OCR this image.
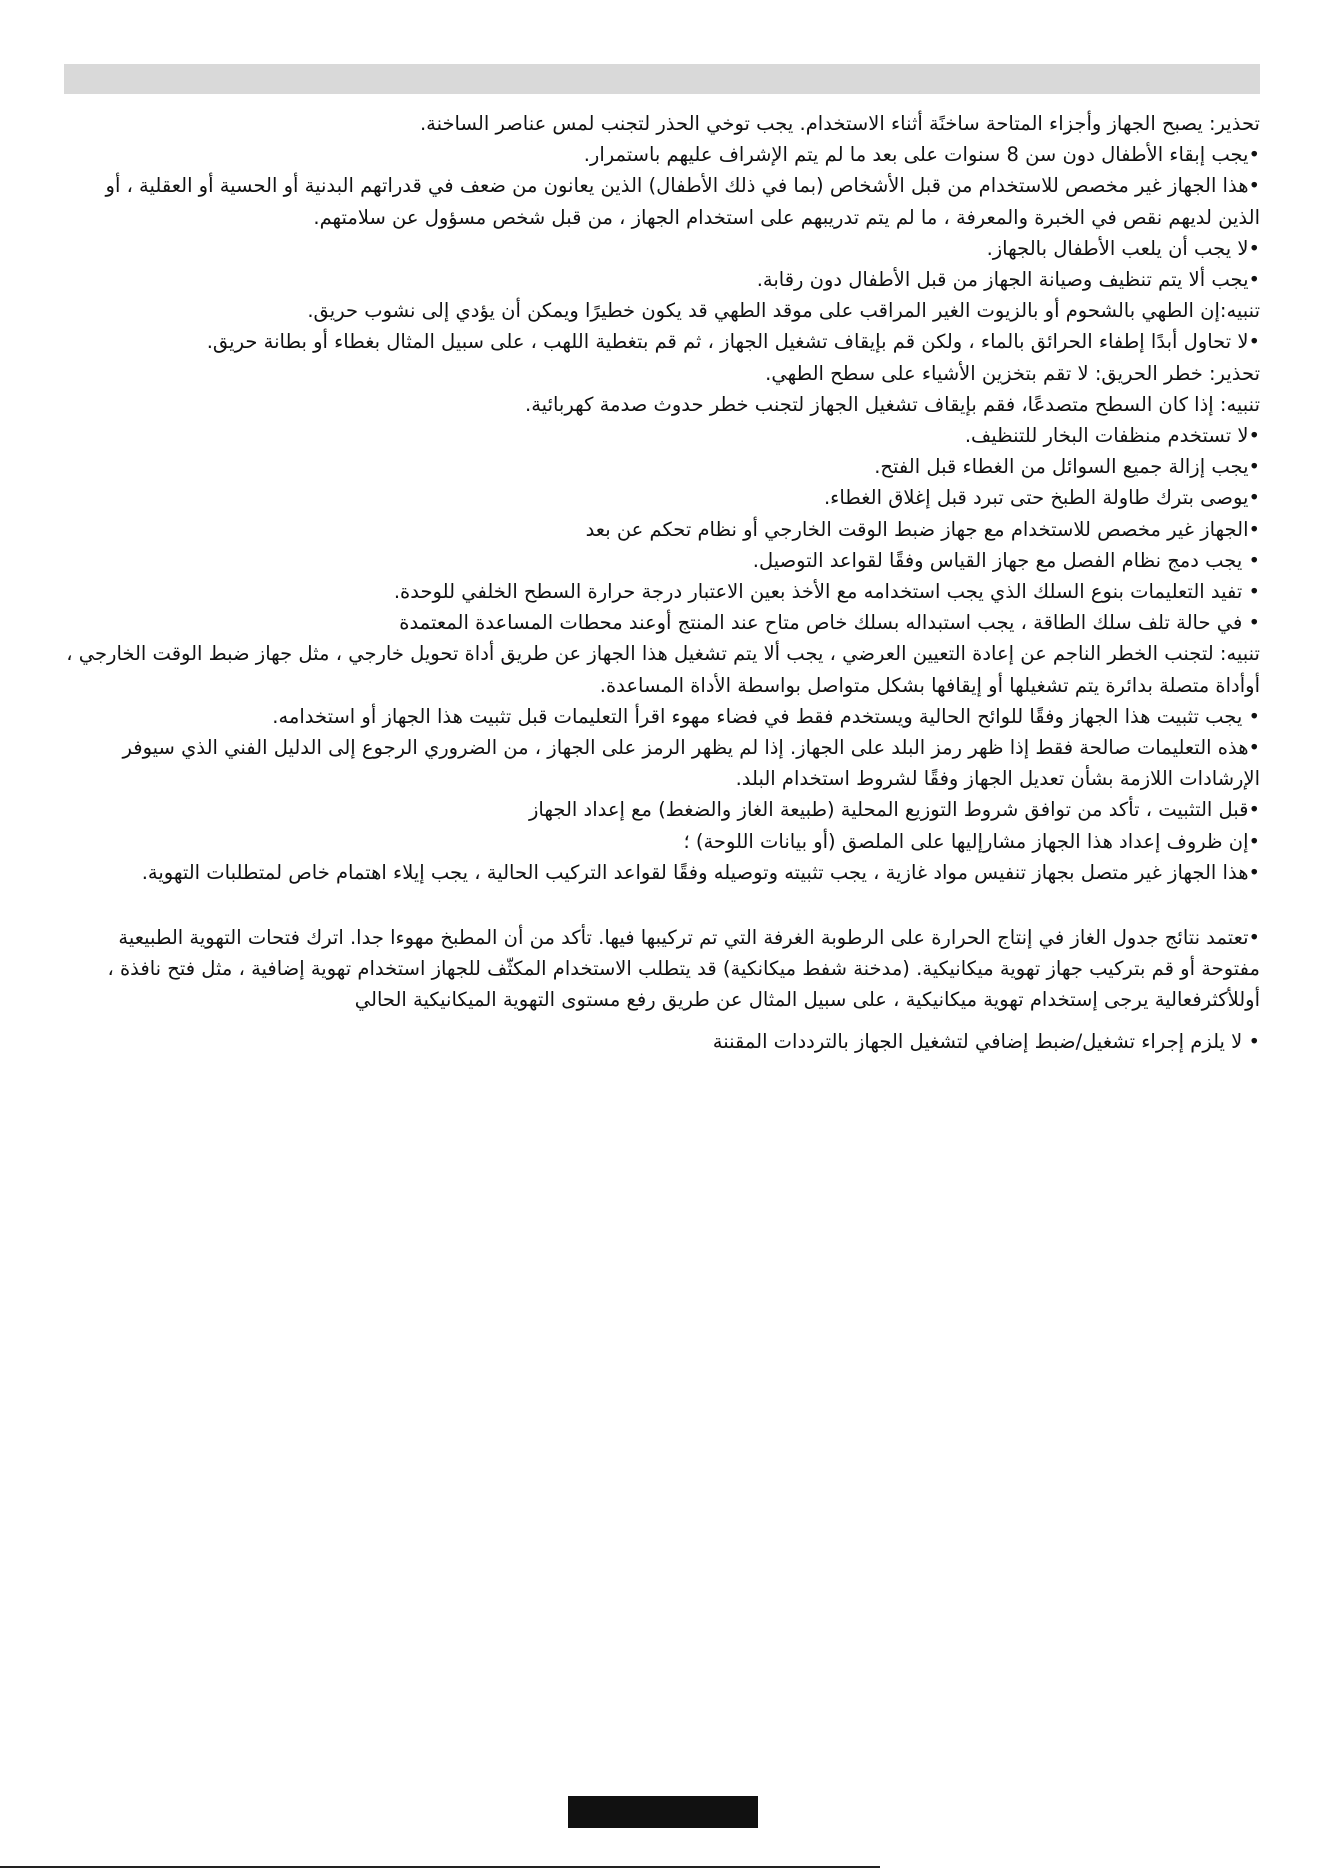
تحذير: يصبح الجهاز وأجزاء المتاحة ساخنًة أثناء الاستخدام. يجب توخي الحذر لتجنب لمس عناصر الساخنة.

•يجب إبقاء الأطفال دون سن 8 سنوات على بعد ما لم يتم الإشراف عليهم باستمرار.

•هذا الجهاز غير مخصص للاستخدام من قبل الأشخاص (بما في ذلك الأطفال) الذين يعانون من ضعف في قدراتهم البدنية أو الحسية أو العقلية ، أو الذين لديهم نقص في الخبرة والمعرفة ، ما لم يتم تدريبهم على استخدام الجهاز ، من قبل شخص مسؤول عن سلامتهم.

•لا يجب أن يلعب الأطفال بالجهاز.

•يجب ألا يتم تنظيف وصيانة الجهاز من قبل الأطفال دون رقابة.

تنبيه:إن الطهي بالشحوم أو بالزيوت الغير المراقب على موقد الطهي قد يكون خطيرًا ويمكن أن يؤدي إلى نشوب حريق.

•لا تحاول أبدًا إطفاء الحرائق بالماء ، ولكن قم بإيقاف تشغيل الجهاز ، ثم قم بتغطية اللهب ، على سبيل المثال بغطاء أو بطانة حريق.

تحذير: خطر الحريق: لا تقم بتخزين الأشياء على سطح الطهي.

تنبيه: إذا كان السطح متصدعًا، فقم بإيقاف تشغيل الجهاز لتجنب خطر حدوث صدمة كهربائية.

•لا تستخدم منظفات البخار للتنظيف.

•يجب إزالة جميع السوائل من الغطاء قبل الفتح.

•يوصى بترك طاولة الطبخ حتى تبرد قبل إغلاق الغطاء.

•الجهاز غير مخصص للاستخدام مع جهاز ضبط الوقت الخارجي أو نظام تحكم عن بعد

• يجب دمج نظام الفصل مع جهاز القياس وفقًا لقواعد التوصيل.

• تفيد التعليمات بنوع السلك الذي يجب استخدامه مع الأخذ بعين الاعتبار درجة حرارة السطح الخلفي للوحدة.

• في حالة تلف سلك الطاقة ، يجب استبداله بسلك خاص متاح عند المنتج أوعند محطات المساعدة المعتمدة

تنبيه: لتجنب الخطر الناجم عن إعادة التعيين العرضي ، يجب ألا يتم تشغيل هذا الجهاز عن طريق أداة تحويل خارجي ، مثل جهاز ضبط الوقت الخارجي ، أوأداة متصلة بدائرة يتم تشغيلها أو إيقافها بشكل متواصل بواسطة الأداة المساعدة.

• يجب تثبيت هذا الجهاز وفقًا للوائح الحالية ويستخدم فقط في فضاء مهوء اقرأ التعليمات قبل تثبيت هذا الجهاز أو استخدامه.

•هذه التعليمات صالحة فقط إذا ظهر رمز البلد على الجهاز. إذا لم يظهر الرمز على الجهاز ، من الضروري الرجوع إلى الدليل الفني الذي سيوفر الإرشادات اللازمة بشأن تعديل الجهاز وفقًا لشروط استخدام البلد.

•قبل التثبيت ، تأكد من توافق شروط التوزيع المحلية (طبيعة الغاز والضغط) مع إعداد الجهاز

•إن ظروف إعداد هذا الجهاز مشارإليها على الملصق (أو بيانات اللوحة) ؛

•هذا الجهاز غير متصل بجهاز تنفيس مواد غازية ، يجب تثبيته وتوصيله وفقًا لقواعد التركيب الحالية ، يجب إيلاء اهتمام خاص لمتطلبات التهوية.

•تعتمد نتائج جدول الغاز في إنتاج الحرارة على الرطوبة الغرفة التي تم تركيبها فيها. تأكد من أن المطبخ مهوءا جدا. اترك فتحات التهوية الطبيعية مفتوحة أو قم بتركيب جهاز تهوية ميكانيكية. (مدخنة شفط ميكانكية) قد يتطلب الاستخدام المكثّف للجهاز استخدام تهوية إضافية ، مثل فتح نافذة ، أوللأكثرفعالية يرجى إستخدام تهوية ميكانيكية ، على سبيل المثال عن طريق رفع مستوى التهوية الميكانيكية الحالي

• لا يلزم إجراء تشغيل/ضبط إضافي لتشغيل الجهاز بالترددات المقننة
